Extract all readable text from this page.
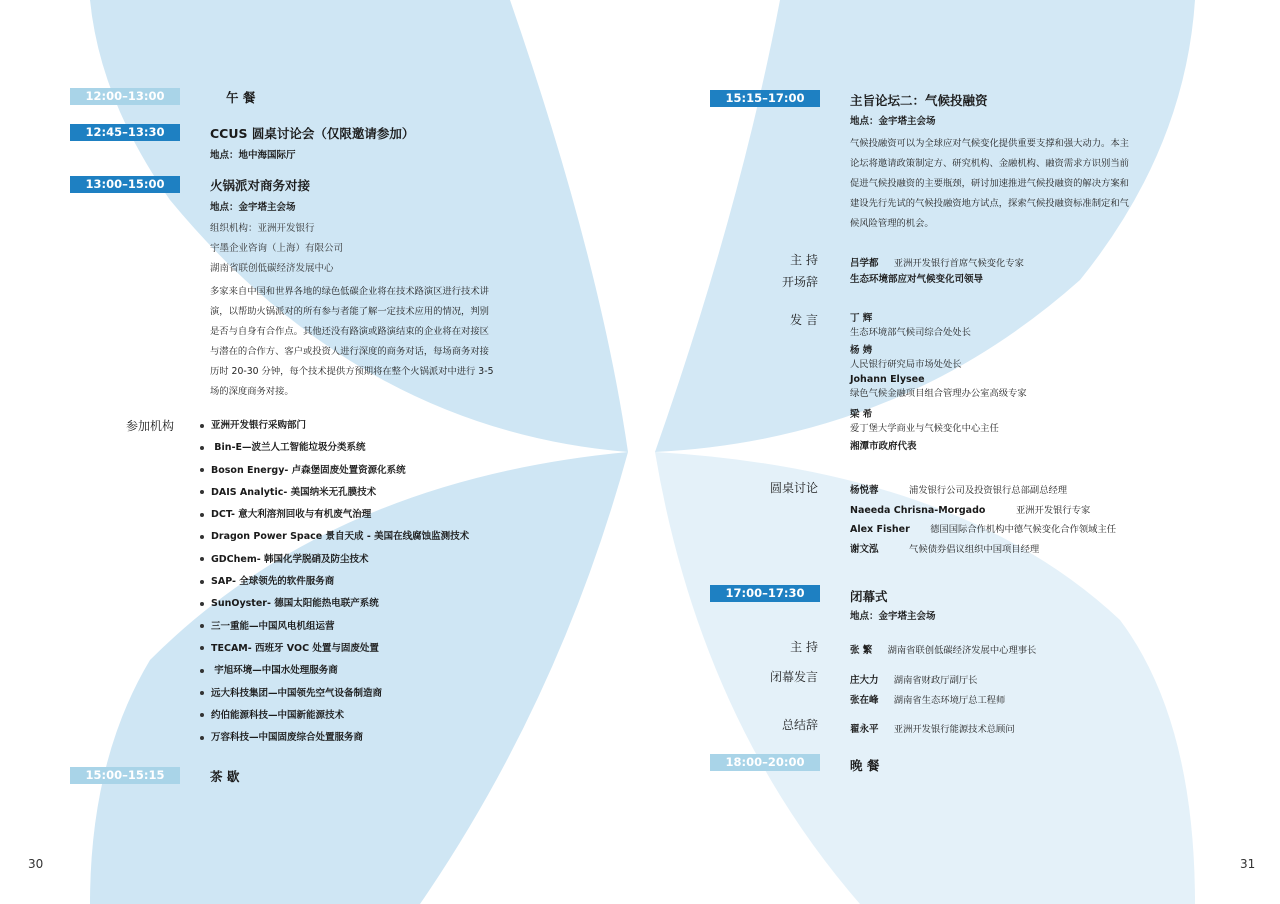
12:00–13:00	午 餐
12:45–13:30	CCUS 圆桌讨论会（仅限邀请参加）
地点：地中海国际厅
13:00–15:00	火锅派对商务对接
地点：金宇塔主会场
组织机构：亚洲开发银行
宇墨企业咨询（上海）有限公司
湖南省联创低碳经济发展中心
多家来自中国和世界各地的绿色低碳企业将在技术路演区进行技术讲
演，以帮助火锅派对的所有参与者能了解一定技术应用的情况，判别
是否与自身有合作点。其他还没有路演或路演结束的企业将在对接区
与潜在的合作方、客户或投资人进行深度的商务对话，每场商务对接
历时 20-30 分钟，每个技术提供方预期将在整个火锅派对中进行 3-5
场的深度商务对接。
参加机构	亚洲开发银行采购部门
Bin-E—波兰人工智能垃圾分类系统
Boson Energy- 卢森堡固废处置资源化系统
DAIS Analytic- 美国纳米无孔膜技术
DCT- 意大利溶剂回收与有机废气治理
Dragon Power Space 景自天成 - 美国在线腐蚀监测技术
GDChem- 韩国化学脱硝及防尘技术
SAP- 全球领先的软件服务商
SunOyster- 德国太阳能热电联产系统
三一重能—中国风电机组运营
TECAM- 西班牙 VOC 处置与固废处置
宇旭环境—中国水处理服务商
远大科技集团—中国领先空气设备制造商
约伯能源科技—中国新能源技术
万容科技—中国固废综合处置服务商
15:00–15:15	茶 歇
30
15:15–17:00	主旨论坛二：气候投融资
地点：金宇塔主会场
气候投融资可以为全球应对气候变化提供重要支撑和强大动力。本主
论坛将邀请政策制定方、研究机构、金融机构、融资需求方识别当前
促进气候投融资的主要瓶颈，研讨加速推进气候投融资的解决方案和
建设先行先试的气候投融资地方试点，探索气候投融资标准制定和气
候风险管理的机会。
主 持	吕学都 亚洲开发银行首席气候变化专家
开场辞	生态环境部应对气候变化司领导
发 言	丁 辉
生态环境部气候司综合处处长
杨 娉
人民银行研究局市场处处长
Johann Elysee
绿色气候金融项目组合管理办公室高级专家
梁 希
爱丁堡大学商业与气候变化中心主任
湘潭市政府代表
圆桌讨论	杨悦蓉	浦发银行公司及投资银行总部副总经理
Naeeda Chrisna-Morgado	亚洲开发银行专家
Alex Fisher 德国国际合作机构中德气候变化合作领域主任
谢文泓	气候债券倡议组织中国项目经理
17:00–17:30	闭幕式
地点：金宇塔主会场
主 持	张 繁 湖南省联创低碳经济发展中心理事长
闭幕发言	庄大力 湖南省财政厅副厅长
张在峰 湖南省生态环境厅总工程师
总结辞	翟永平 亚洲开发银行能源技术总顾问
18:00–20:00	晚 餐
31
